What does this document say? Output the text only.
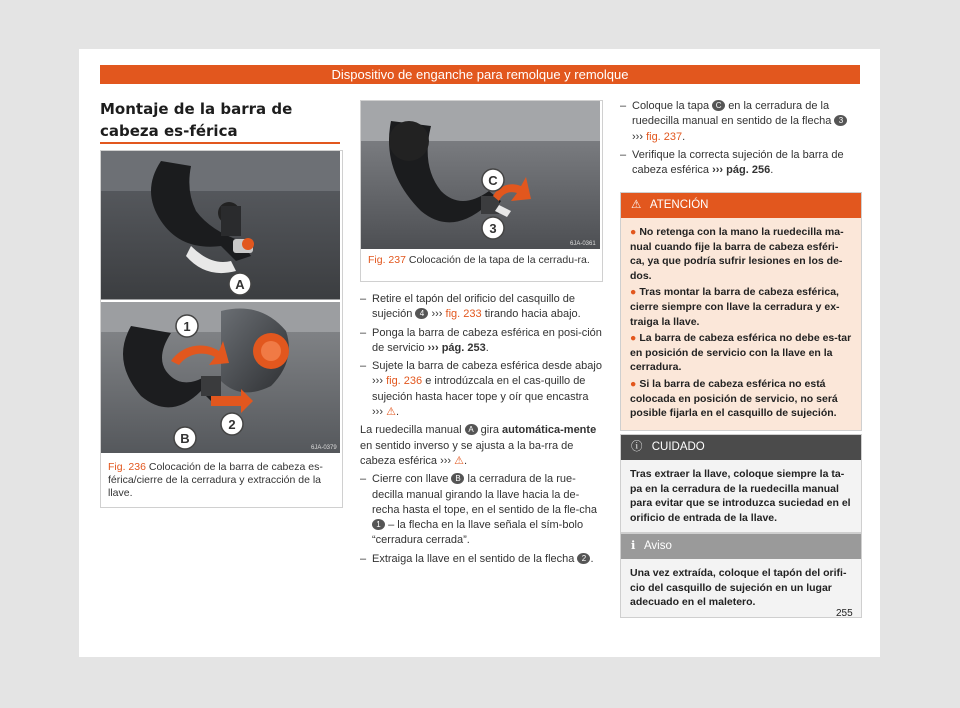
Dispositivo de enganche para remolque y remolque
Montaje de la barra de cabeza es-férica
A
1
2
B
6JA-0379
Fig. 236 Colocación de la barra de cabeza es-férica/cierre de la cerradura y extracción de la llave.
C
3
6JA-0361
Fig. 237 Colocación de la tapa de la cerradu-ra.
– Retire el tapón del orificio del casquillo de sujeción 4 ››› fig. 233 tirando hacia abajo.
– Ponga la barra de cabeza esférica en posi-ción de servicio ››› pág. 253.
– Sujete la barra de cabeza esférica desde abajo ››› fig. 236 e introdúzcala en el cas-quillo de sujeción hasta hacer tope y oír que encastra ››› ⚠.

La ruedecilla manual A gira automática-mente en sentido inverso y se ajusta a la ba-rra de cabeza esférica ››› ⚠.

– Cierre con llave B la cerradura de la rue-decilla manual girando la llave hacia la de-recha hasta el tope, en el sentido de la fle-cha 1 – la flecha en la llave señala el sím-bolo “cerradura cerrada”.
– Extraiga la llave en el sentido de la flecha 2 .
– Coloque la tapa C en la cerradura de la ruedecilla manual en sentido de la flecha 3 ››› fig. 237.
– Verifique la correcta sujeción de la barra de cabeza esférica ››› pág. 256.
⚠ ATENCIÓN
● No retenga con la mano la ruedecilla ma-nual cuando fije la barra de cabeza esféri-ca, ya que podría sufrir lesiones en los de-dos.
● Tras montar la barra de cabeza esférica, cierre siempre con llave la cerradura y ex-traiga la llave.
● La barra de cabeza esférica no debe es-tar en posición de servicio con la llave en la cerradura.
● Si la barra de cabeza esférica no está colocada en posición de servicio, no será posible fijarla en el casquillo de sujeción.
ⓘ CUIDADO
Tras extraer la llave, coloque siempre la ta-pa en la cerradura de la ruedecilla manual para evitar que se introduzca suciedad en el orificio de entrada de la llave.
ℹ Aviso
Una vez extraída, coloque el tapón del orifi-cio del casquillo de sujeción en un lugar adecuado en el maletero.
255
